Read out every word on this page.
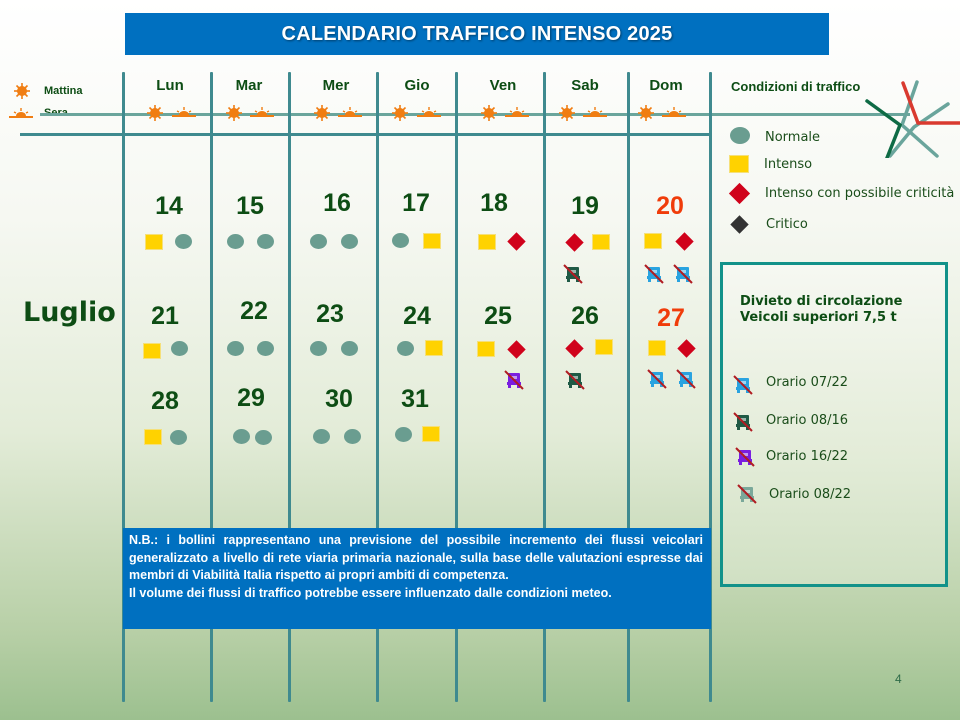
CALENDARIO TRAFFICO INTENSO 2025
Mattina	Lun	Mar	Mer	Gio	Ven	Sab	Dom
Luglio
14	15	16	17	18	19	20
21	22	23	24	25	26	27
28	29	30	31
Condizioni di traffico
Normale
Intenso
Intenso con possibile criticità
Critico
Divieto di circolazione
Veicoli superiori 7,5 t
Orario 07/22
Orario 08/16
Orario 16/22
Orario 08/22

N.B.: i bollini rappresentano una previsione del possibile incremento dei flussi veicolari generalizzato a livello di rete viaria primaria nazionale, sulla base delle valutazioni espresse dai membri di Viabilità Italia rispetto ai propri ambiti di competenza.

Il volume dei flussi di traffico potrebbe essere influenzato dalle condizioni meteo.

4
